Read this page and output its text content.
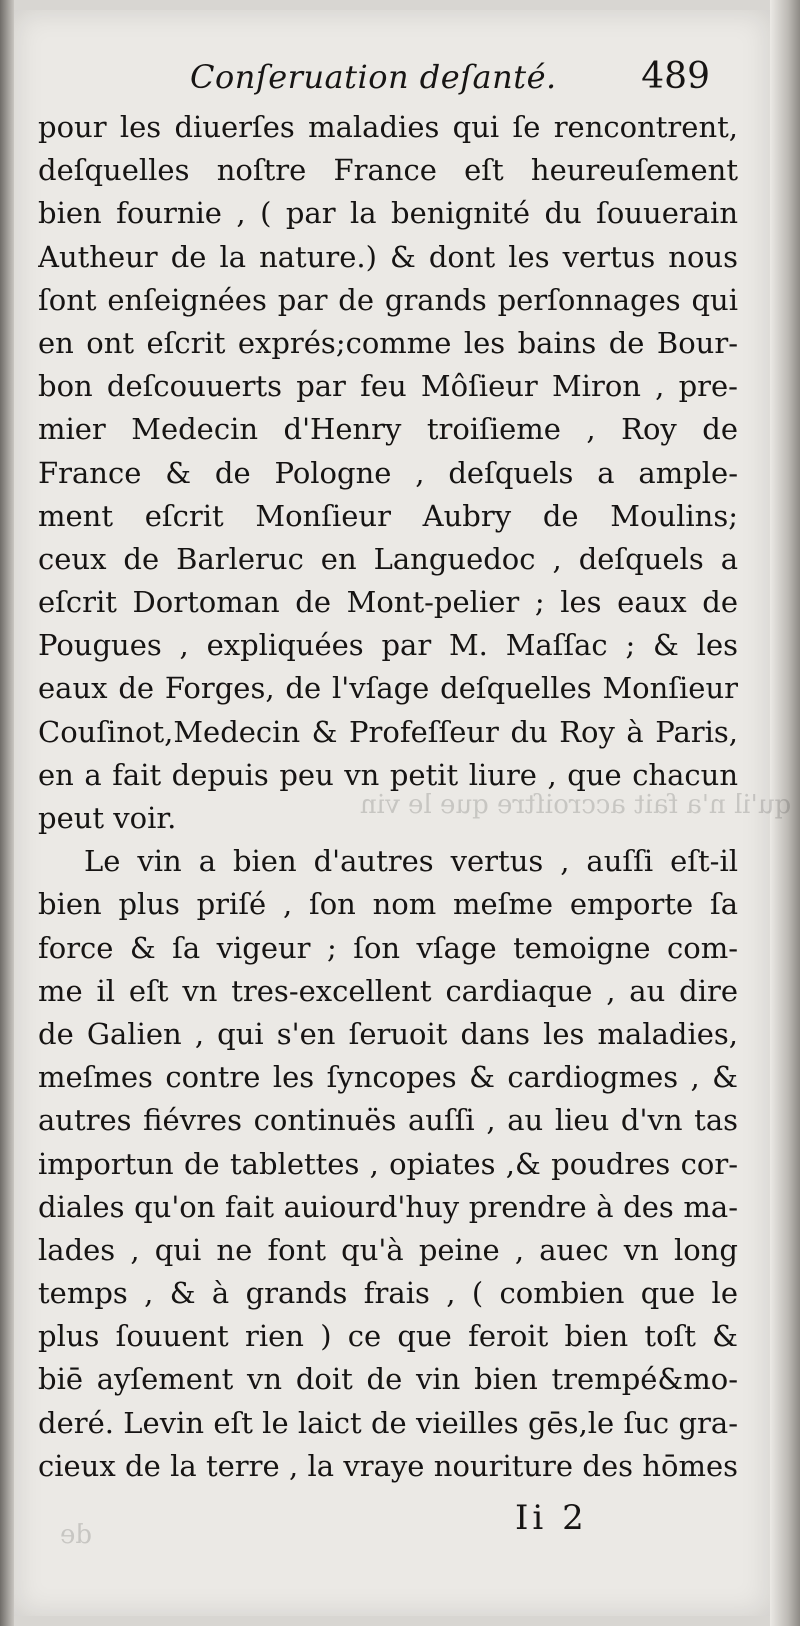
qu'il n'a fait accroiſtre que le vin
de
Conſeruation deſanté. 489
pour les diuerſes maladies qui ſe rencontrent,
deſquelles noſtre France eſt heureuſement
bien fournie , ( par la benignité du ſouuerain
Autheur de la nature.) & dont les vertus nous
ſont enſeignées par de grands perſonnages qui
en ont eſcrit exprés;comme les bains de Bour-
bon deſcouuerts par feu Môſieur Miron , pre-
mier Medecin d'Henry troiſieme , Roy de
France & de Pologne , deſquels a ample-
ment eſcrit Monſieur Aubry de Moulins;
ceux de Barleruc en Languedoc , deſquels a
eſcrit Dortoman de Mont-pelier ; les eaux de
Pougues , expliquées par M. Maſſac ; & les
eaux de Forges, de l'vſage deſquelles Monſieur
Couſinot,Medecin & Profeſſeur du Roy à Paris,
en a fait depuis peu vn petit liure , que chacun
peut voir.
Le vin a bien d'autres vertus , auſſi eſt-il
bien plus priſé , ſon nom meſme emporte ſa
force & ſa vigeur ; ſon vſage temoigne com-
me il eſt vn tres-excellent cardiaque , au dire
de Galien , qui s'en ſeruoit dans les maladies,
meſmes contre les ſyncopes & cardiogmes , &
autres fiévres continuës auſſi , au lieu d'vn tas
importun de tablettes , opiates ,& poudres cor-
diales qu'on fait auiourd'huy prendre à des ma-
lades , qui ne font qu'à peine , auec vn long
temps , & à grands frais , ( combien que le
plus ſouuent rien ) ce que feroit bien toſt &
biē ayſement vn doit de vin bien trempé&mo-
deré. Levin eſt le laict de vieilles gēs,le ſuc gra-
cieux de la terre , la vraye nouriture des hōmes
Ii 2
